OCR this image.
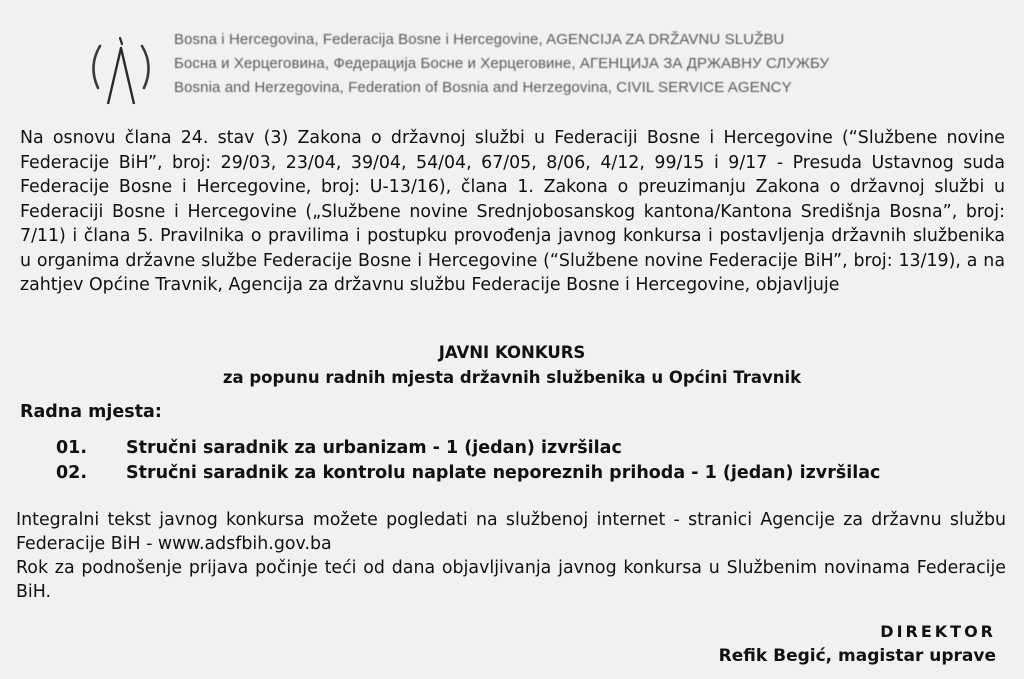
Bosna i Hercegovina, Federacija Bosne i Hercegovine, AGENCIJA ZA DRŽAVNU SLUŽBU
Босна и Херцеговина, Федерација Босне и Херцеговине, АГЕНЦИЈА ЗА ДРЖАВНУ СЛУЖБУ
Bosnia and Herzegovina, Federation of Bosnia and Herzegovina, CIVIL SERVICE AGENCY
Na osnovu člana 24. stav (3) Zakona o državnoj službi u Federaciji Bosne i Hercegovine (“Službene novine Federacije BiH”, broj: 29/03, 23/04, 39/04, 54/04, 67/05, 8/06, 4/12, 99/15 i 9/17 - Presuda Ustavnog suda Federacije Bosne i Hercegovine, broj: U-13/16), člana 1. Zakona o preuzimanju Zakona o državnoj službi u Federaciji Bosne i Hercegovine („Službene novine Srednjobosanskog kantona/Kantona Središnja Bosna”, broj: 7/11) i člana 5. Pravilnika o pravilima i postupku provođenja javnog konkursa i postavljenja državnih službenika u organima državne službe Federacije Bosne i Hercegovine (“Službene novine Federacije BiH”, broj: 13/19), a na zahtjev Općine Travnik, Agencija za državnu službu Federacije Bosne i Hercegovine, objavljuje
JAVNI KONKURS
za popunu radnih mjesta državnih službenika u Općini Travnik
Radna mjesta:
01. Stručni saradnik za urbanizam - 1 (jedan) izvršilac
02. Stručni saradnik za kontrolu naplate neporeznih prihoda - 1 (jedan) izvršilac

Integralni tekst javnog konkursa možete pogledati na službenoj internet - stranici Agencije za državnu službu Federacije BiH - www.adsfbih.gov.ba

Rok za podnošenje prijava počinje teći od dana objavljivanja javnog konkursa u Službenim novinama Federacije BiH.

DIREKTOR
Refik Begić, magistar uprave
